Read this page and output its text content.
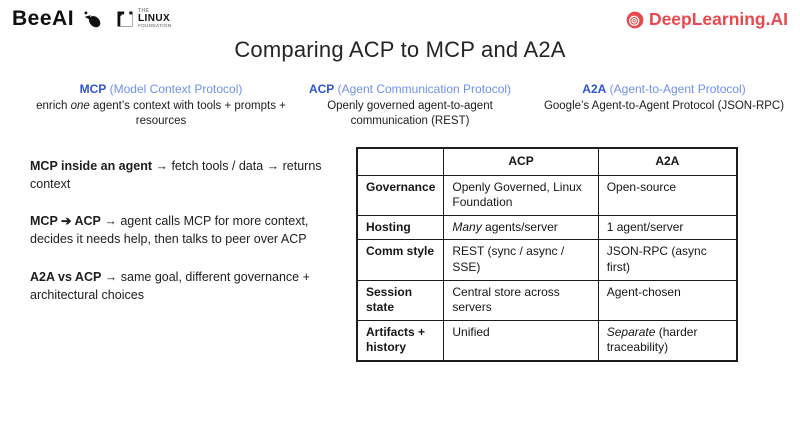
BeeAI	THE
LINUX
FOUNDATION	DeepLearning.AI
Comparing ACP to MCP and A2A
MCP (Model Context Protocol)
enrich one agent’s context with tools + prompts + resources
ACP (Agent Communication Protocol)
Openly governed agent-to-agent communication (REST)
A2A (Agent-to-Agent Protocol)
Google’s Agent-to-Agent Protocol (JSON-RPC)

MCP inside an agent → fetch tools / data → returns context

MCP ➔ ACP → agent calls MCP for more context, decides it needs help, then talks to peer over ACP

A2A vs ACP → same goal, different governance + architectural choices

	ACP	A2A
Governance	Openly Governed, Linux Foundation	Open-source
Hosting	Many agents/server	1 agent/server
Comm style	REST (sync / async / SSE)	JSON-RPC (async first)
Session state	Central store across servers	Agent-chosen
Artifacts + history	Unified	Separate (harder traceability)
